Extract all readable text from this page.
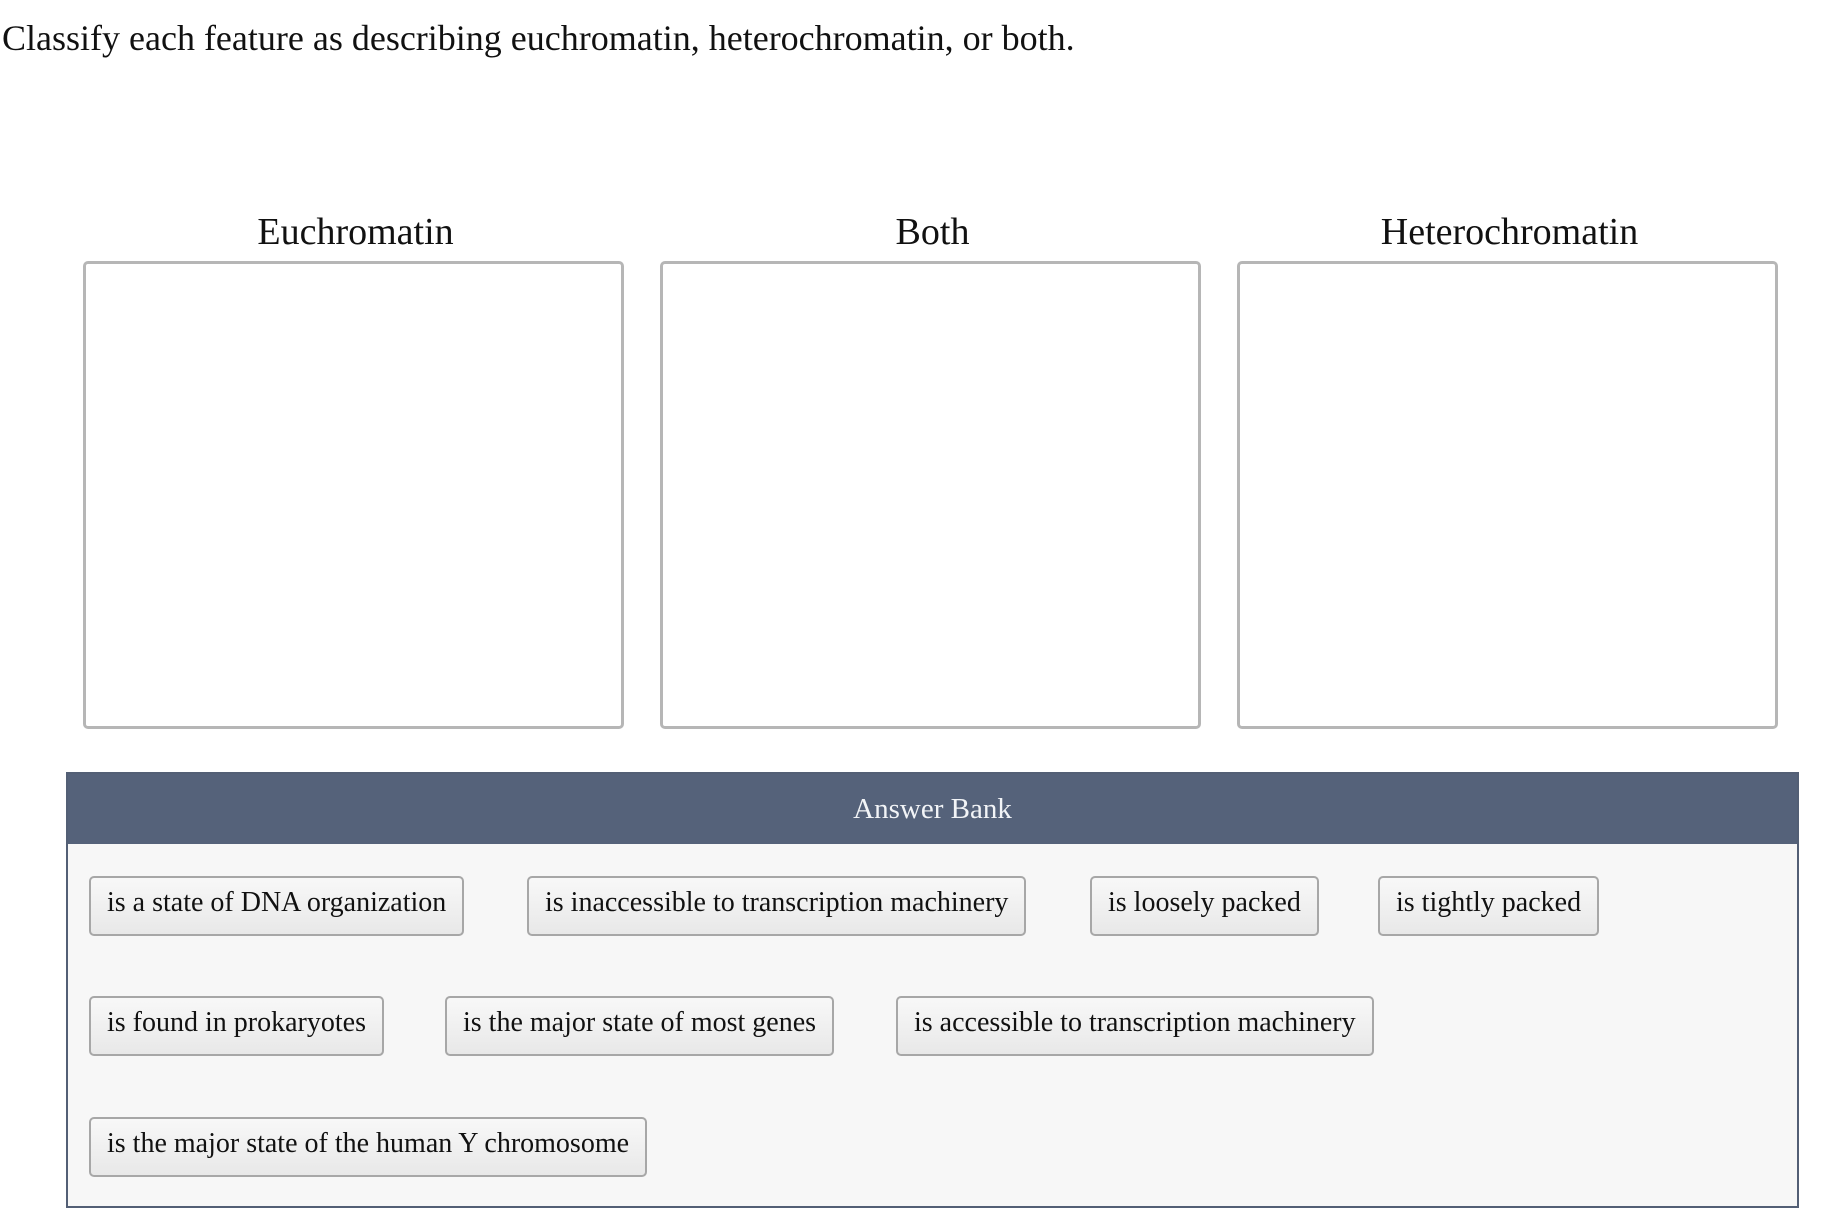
Classify each feature as describing euchromatin, heterochromatin, or both.
Euchromatin	Both	Heterochromatin
Answer Bank
is a state of DNA organization	is inaccessible to transcription machinery	is loosely packed	is tightly packed
is found in prokaryotes	is the major state of most genes	is accessible to transcription machinery
is the major state of the human Y chromosome
